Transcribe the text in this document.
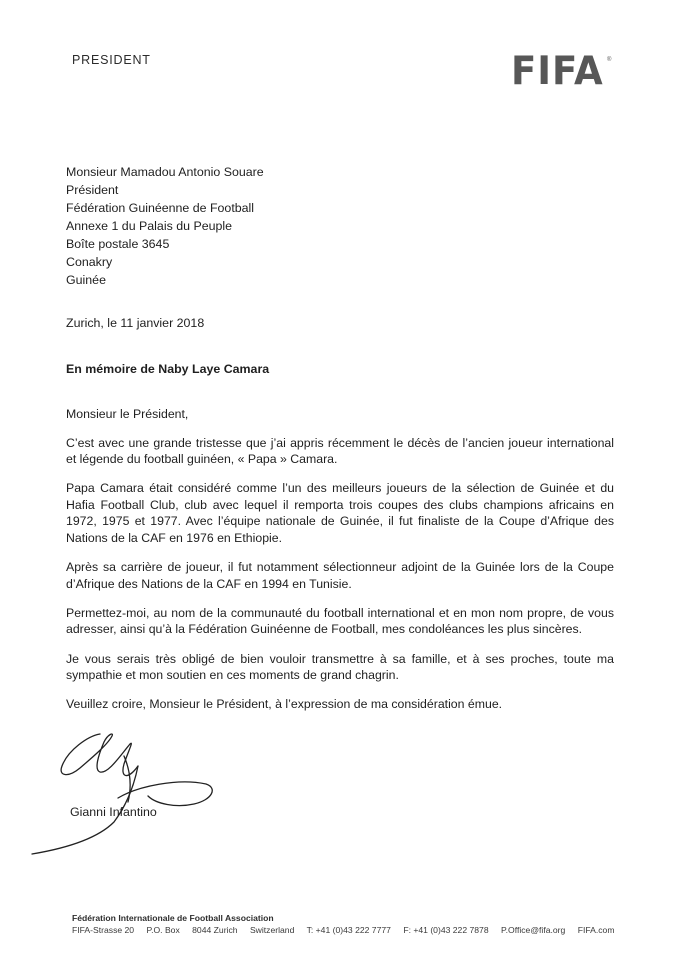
PRESIDENT	FIFA ®
Monsieur Mamadou Antonio Souare
Président
Fédération Guinéenne de Football
Annexe 1 du Palais du Peuple
Boîte postale 3645
Conakry
Guinée
Zurich, le 11 janvier 2018
En mémoire de Naby Laye Camara

Monsieur le Président,

C’est avec une grande tristesse que j’ai appris récemment le décès de l’ancien joueur international et légende du football guinéen, « Papa » Camara.

Papa Camara était considéré comme l’un des meilleurs joueurs de la sélection de Guinée et du Hafia Football Club, club avec lequel il remporta trois coupes des clubs champions africains en 1972, 1975 et 1977. Avec l’équipe nationale de Guinée, il fut finaliste de la Coupe d’Afrique des Nations de la CAF en 1976 en Ethiopie.

Après sa carrière de joueur, il fut notamment sélectionneur adjoint de la Guinée lors de la Coupe d’Afrique des Nations de la CAF en 1994 en Tunisie.

Permettez-moi, au nom de la communauté du football international et en mon nom propre, de vous adresser, ainsi qu’à la Fédération Guinéenne de Football, mes condoléances les plus sincères.

Je vous serais très obligé de bien vouloir transmettre à sa famille, et à ses proches, toute ma sympathie et mon soutien en ces moments de grand chagrin.

Veuillez croire, Monsieur le Président, à l’expression de ma considération émue.

Gianni Infantino
Fédération Internationale de Football Association
FIFA-Strasse 20 P.O. Box 8044 Zurich Switzerland T: +41 (0)43 222 7777 F: +41 (0)43 222 7878 P.Office@fifa.org FIFA.com
